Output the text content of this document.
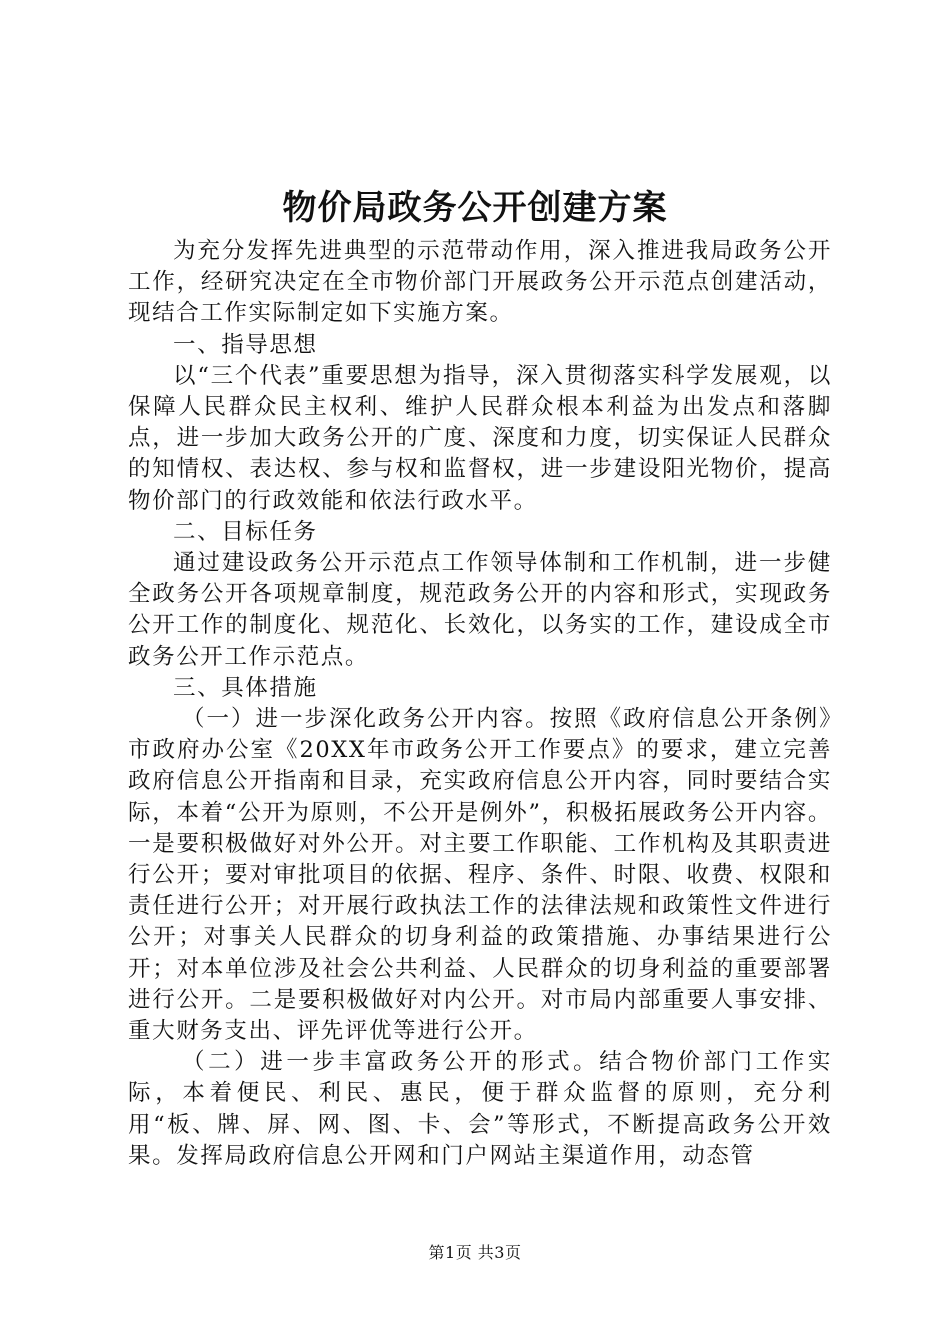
物价局政务公开创建方案

为充分发挥先进典型的示范带动作用，深入推进我局政务公开工作，经研究决定在全市物价部门开展政务公开示范点创建活动，现结合工作实际制定如下实施方案。

一、指导思想

以“三个代表”重要思想为指导，深入贯彻落实科学发展观，以保障人民群众民主权利、维护人民群众根本利益为出发点和落脚点，进一步加大政务公开的广度、深度和力度，切实保证人民群众的知情权、表达权、参与权和监督权，进一步建设阳光物价，提高物价部门的行政效能和依法行政水平。

二、目标任务

通过建设政务公开示范点工作领导体制和工作机制，进一步健全政务公开各项规章制度，规范政务公开的内容和形式，实现政务公开工作的制度化、规范化、长效化，以务实的工作，建设成全市政务公开工作示范点。

三、具体措施

（一）进一步深化政务公开内容。按照《政府信息公开条例》市政府办公室《20XX年市政务公开工作要点》的要求，建立完善政府信息公开指南和目录，充实政府信息公开内容，同时要结合实际，本着“公开为原则，不公开是例外”，积极拓展政务公开内容。一是要积极做好对外公开。对主要工作职能、工作机构及其职责进行公开；要对审批项目的依据、程序、条件、时限、收费、权限和责任进行公开；对开展行政执法工作的法律法规和政策性文件进行公开；对事关人民群众的切身利益的政策措施、办事结果进行公开；对本单位涉及社会公共利益、人民群众的切身利益的重要部署进行公开。二是要积极做好对内公开。对市局内部重要人事安排、重大财务支出、评先评优等进行公开。

（二）进一步丰富政务公开的形式。结合物价部门工作实际，本着便民、利民、惠民，便于群众监督的原则，充分利用“板、牌、屏、网、图、卡、会”等形式，不断提高政务公开效果。发挥局政府信息公开网和门户网站主渠道作用，动态管

第1页 共3页
